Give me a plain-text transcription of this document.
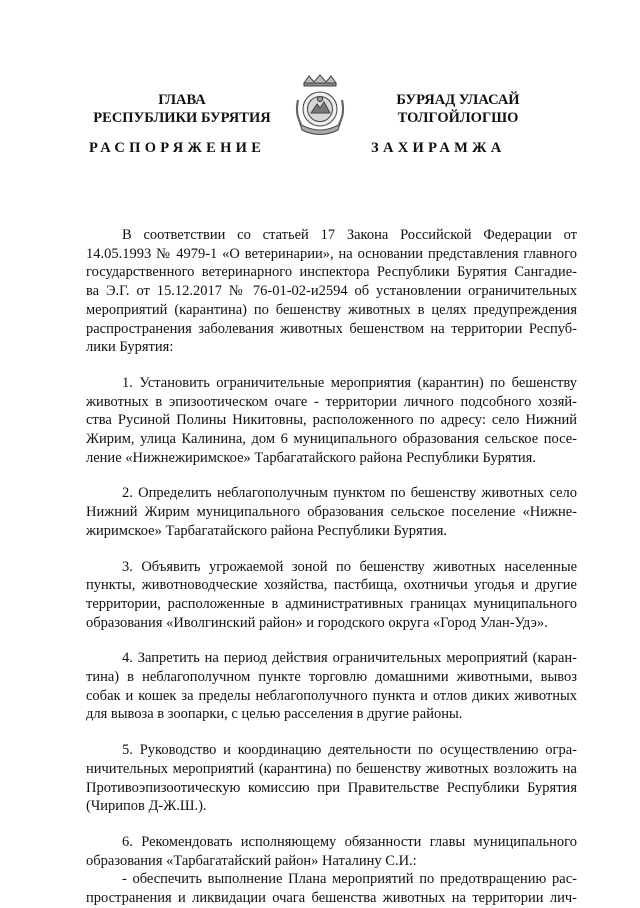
ГЛАВА
РЕСПУБЛИКИ БУРЯТИЯ
БУРЯАД УЛАСАЙ
ТОЛГОЙЛОГШО
РАСПОРЯЖЕНИЕ	ЗАХИРАМЖА

В соответствии со статьей 17 Закона Российской Федерации от
14.05.1993 № 4979-1 «О ветеринарии», на основании представления главного
государственного ветеринарного инспектора Республики Бурятия Сангадие-
ва Э.Г. от 15.12.2017 № 76-01-02-и2594 об установлении ограничительных
мероприятий (карантина) по бешенству животных в целях предупреждения
распространения заболевания животных бешенством на территории Респуб-
лики Бурятия:

1. Установить ограничительные мероприятия (карантин) по бешенству
животных в эпизоотическом очаге - территории личного подсобного хозяй-
ства Русиной Полины Никитовны, расположенного по адресу: село Нижний
Жирим, улица Калинина, дом 6 муниципального образования сельское посе-
ление «Нижнежиримское» Тарбагатайского района Республики Бурятия.

2. Определить неблагополучным пунктом по бешенству животных село
Нижний Жирим муниципального образования сельское поселение «Нижне-
жиримское» Тарбагатайского района Республики Бурятия.

3. Объявить угрожаемой зоной по бешенству животных населенные
пункты, животноводческие хозяйства, пастбища, охотничьи угодья и другие
территории, расположенные в административных границах муниципального
образования «Иволгинский район» и городского округа «Город Улан-Удэ».

4. Запретить на период действия ограничительных мероприятий (каран-
тина) в неблагополучном пункте торговлю домашними животными, вывоз
собак и кошек за пределы неблагополучного пункта и отлов диких животных
для вывоза в зоопарки, с целью расселения в другие районы.

5. Руководство и координацию деятельности по осуществлению огра-
ничительных мероприятий (карантина) по бешенству животных возложить на
Противоэпизоотическую комиссию при Правительстве Республики Бурятия
(Чирипов Д-Ж.Ш.).

6. Рекомендовать исполняющему обязанности главы муниципального
образования «Тарбагатайский район» Наталину С.И.:

- обеспечить выполнение Плана мероприятий по предотвращению рас-
пространения и ликвидации очага бешенства животных на территории лич-
